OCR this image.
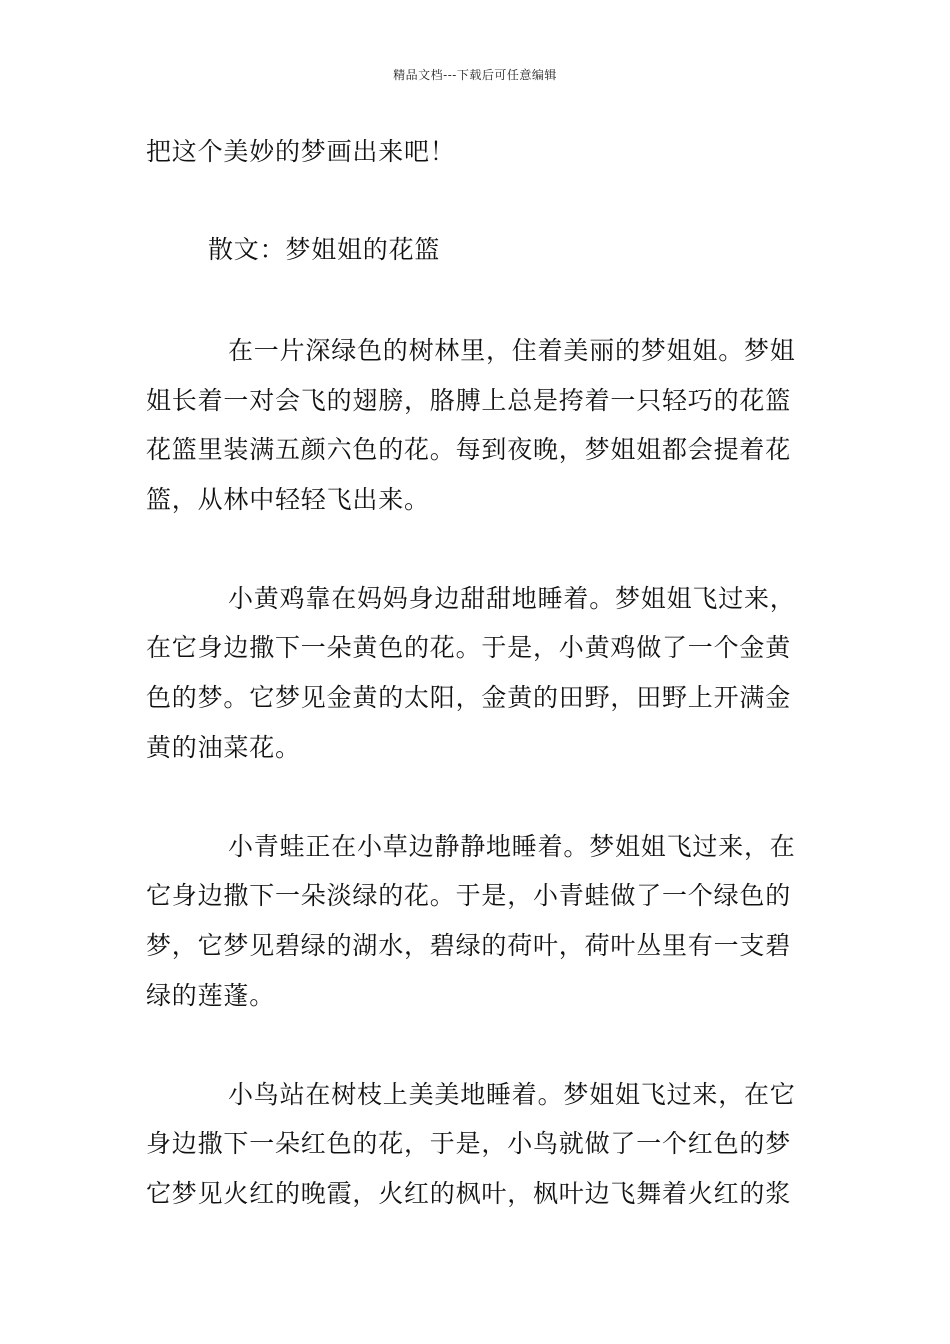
精品文档---下载后可任意编辑
把这个美妙的梦画出来吧！
散文：梦姐姐的花篮
在一片深绿色的树林里，住着美丽的梦姐姐。梦姐
姐长着一对会飞的翅膀，胳膊上总是挎着一只轻巧的花篮
花篮里装满五颜六色的花。每到夜晚，梦姐姐都会提着花
篮，从林中轻轻飞出来。
小黄鸡靠在妈妈身边甜甜地睡着。梦姐姐飞过来，
在它身边撒下一朵黄色的花。于是，小黄鸡做了一个金黄
色的梦。它梦见金黄的太阳，金黄的田野，田野上开满金
黄的油菜花。
小青蛙正在小草边静静地睡着。梦姐姐飞过来，在
它身边撒下一朵淡绿的花。于是，小青蛙做了一个绿色的
梦，它梦见碧绿的湖水，碧绿的荷叶，荷叶丛里有一支碧
绿的莲蓬。
小鸟站在树枝上美美地睡着。梦姐姐飞过来，在它
身边撒下一朵红色的花，于是，小鸟就做了一个红色的梦
它梦见火红的晚霞，火红的枫叶，枫叶边飞舞着火红的浆
